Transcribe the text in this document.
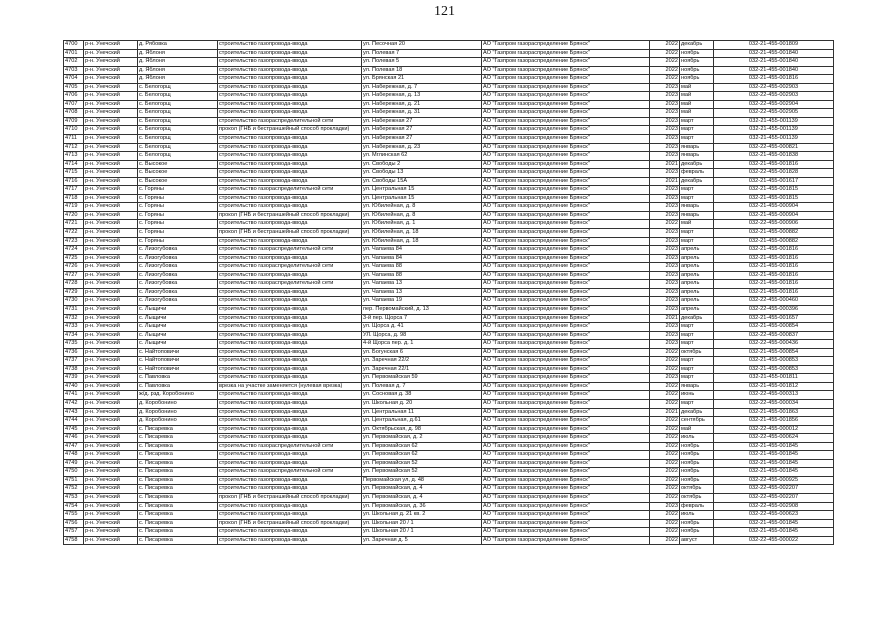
121
4700	р-н. Унечский	д. Рябовка	строительство газопровода-ввода	ул. Песочная 20	АО "Газпром газораспределение Брянск"	2022	декабрь	032-21-455-001809
4701	р-н. Унечский	д. Яблоня	строительство газопровода-ввода	ул. Полевая 7	АО "Газпром газораспределение Брянск"	2022	ноябрь	032-21-455-001840
4702	р-н. Унечский	д. Яблоня	строительство газопровода-ввода	ул. Полевая 5	АО "Газпром газораспределение Брянск"	2022	ноябрь	032-21-455-001840
4703	р-н. Унечский	д. Яблоня	строительство газопровода-ввода	ул. Полевая 18	АО "Газпром газораспределение Брянск"	2022	ноябрь	032-21-455-001840
4704	р-н. Унечский	д. Яблоня	строительство газопровода-ввода	ул. Брянская 21	АО "Газпром газораспределение Брянск"	2022	ноябрь	032-21-455-001816
4705	р-н. Унечский	с. Белогорщ	строительство газопровода-ввода	ул. Набережная, д. 7	АО "Газпром газораспределение Брянск"	2023	май	032-22-455-002903
4706	р-н. Унечский	с. Белогорщ	строительство газопровода-ввода	ул. Набережная, д. 13	АО "Газпром газораспределение Брянск"	2023	май	032-22-455-002903
4707	р-н. Унечский	с. Белогорщ	строительство газопровода-ввода	ул. Набережная, д. 21	АО "Газпром газораспределение Брянск"	2023	май	032-22-455-002904
4708	р-н. Унечский	с. Белогорщ	строительство газопровода-ввода	ул. Набережная, д. 31	АО "Газпром газораспределение Брянск"	2023	май	032-22-455-002905
4709	р-н. Унечский	с. Белогорщ	строительство газораспределительной сети	ул. Набережная 27	АО "Газпром газораспределение Брянск"	2023	март	032-21-455-001139
4710	р-н. Унечский	с. Белогорщ	прокол (ГНБ и бестраншейный способ прокладки)	ул. Набережная 27	АО "Газпром газораспределение Брянск"	2023	март	032-21-455-001139
4711	р-н. Унечский	с. Белогорщ	строительство газопровода-ввода	ул. Набережная 27	АО "Газпром газораспределение Брянск"	2023	март	032-21-455-001139
4712	р-н. Унечский	с. Белогорщ	строительство газопровода-ввода	ул. Набережная, д. 23	АО "Газпром газораспределение Брянск"	2023	январь	032-22-455-000821
4713	р-н. Унечский	с. Белогорщ	строительство газопровода-ввода	ул. Мглинская 62	АО "Газпром газораспределение Брянск"	2023	январь	032-21-455-001838
4714	р-н. Унечский	с. Высокое	строительство газопровода-ввода	ул. Свободы 2	АО "Газпром газораспределение Брянск"	2021	декабрь	032-21-455-001816
4715	р-н. Унечский	с. Высокое	строительство газопровода-ввода	ул. Свободы 13	АО "Газпром газораспределение Брянск"	2023	февраль	032-22-455-001828
4716	р-н. Унечский	с. Высокое	строительство газопровода-ввода	ул. Свободы 15А	АО "Газпром газораспределение Брянск"	2021	декабрь	032-21-455-001617
4717	р-н. Унечский	с. Горяны	строительство газораспределительной сети	ул. Центральная 15	АО "Газпром газораспределение Брянск"	2023	март	032-21-455-001815
4718	р-н. Унечский	с. Горяны	строительство газопровода-ввода	ул. Центральная 15	АО "Газпром газораспределение Брянск"	2023	март	032-21-455-001815
4719	р-н. Унечский	с. Горяны	строительство газопровода-ввода	ул. Юбилейная, д. 8	АО "Газпром газораспределение Брянск"	2023	январь	032-21-455-000904
4720	р-н. Унечский	с. Горяны	прокол (ГНБ и бестраншейный способ прокладки)	ул. Юбилейная, д. 8	АО "Газпром газораспределение Брянск"	2023	январь	032-21-455-000904
4721	р-н. Унечский	с. Горяны	строительство газопровода-ввода	ул. Юбилейная, д. 1	АО "Газпром газораспределение Брянск"	2022	май	032-22-455-000906
4722	р-н. Унечский	с. Горяны	прокол (ГНБ и бестраншейный способ прокладки)	ул. Юбилейная, д. 18	АО "Газпром газораспределение Брянск"	2023	март	032-21-455-000882
4723	р-н. Унечский	с. Горяны	строительство газопровода-ввода	ул. Юбилейная, д. 18	АО "Газпром газораспределение Брянск"	2023	март	032-21-455-000882
4724	р-н. Унечский	с. Лизогубовка	строительство газораспределительной сети	ул. Чапаева 84	АО "Газпром газораспределение Брянск"	2023	апрель	032-21-455-001816
4725	р-н. Унечский	с. Лизогубовка	строительство газопровода-ввода	ул. Чапаева 84	АО "Газпром газораспределение Брянск"	2023	апрель	032-21-455-001816
4726	р-н. Унечский	с. Лизогубовка	строительство газораспределительной сети	ул. Чапаева 88	АО "Газпром газораспределение Брянск"	2023	апрель	032-21-455-001816
4727	р-н. Унечский	с. Лизогубовка	строительство газопровода-ввода	ул. Чапаева 88	АО "Газпром газораспределение Брянск"	2023	апрель	032-21-455-001816
4728	р-н. Унечский	с. Лизогубовка	строительство газораспределительной сети	ул. Чапаева 13	АО "Газпром газораспределение Брянск"	2023	апрель	032-21-455-001816
4729	р-н. Унечский	с. Лизогубовка	строительство газопровода-ввода	ул. Чапаева 13	АО "Газпром газораспределение Брянск"	2023	апрель	032-21-455-001816
4730	р-н. Унечский	с. Лизогубовка	строительство газопровода-ввода	ул. Чапаева 19	АО "Газпром газораспределение Брянск"	2023	апрель	032-22-455-000460
4731	р-н. Унечский	с. Лыщичи	строительство газопровода-ввода	пер. Первомайский, д. 13	АО "Газпром газораспределение Брянск"	2023	апрель	032-22-455-000396
4732	р-н. Унечский	с. Лыщичи	строительство газопровода-ввода	3-й пер. Щорса 7	АО "Газпром газораспределение Брянск"	2021	декабрь	032-21-455-001657
4733	р-н. Унечский	с. Лыщичи	строительство газопровода-ввода	ул. Щорса д. 41	АО "Газпром газораспределение Брянск"	2023	март	032-21-455-000854
4734	р-н. Унечский	с. Лыщичи	строительство газопровода-ввода	УЛ. Щорса, д. 98	АО "Газпром газораспределение Брянск"	2023	март	032-22-455-000837
4735	р-н. Унечский	с. Лыщичи	строительство газопровода-ввода	4-й Щорса пер. д. 1	АО "Газпром газораспределение Брянск"	2023	март	032-22-455-000436
4736	р-н. Унечский	с. Найтоповичи	строительство газопровода-ввода	ул. Богунская 6	АО "Газпром газораспределение Брянск"	2022	октябрь	032-21-455-000854
4737	р-н. Унечский	с. Найтоповичи	строительство газопровода-ввода	ул. Заречная 22/2	АО "Газпром газораспределение Брянск"	2022	март	032-21-455-000853
4738	р-н. Унечский	с. Найтоповичи	строительство газопровода-ввода	ул. Заречная 22/1	АО "Газпром газораспределение Брянск"	2022	март	032-21-455-000853
4739	р-н. Унечский	с. Павловка	строительство газопровода-ввода	ул. Первомайская 59	АО "Газпром газораспределение Брянск"	2023	март	032-21-455-001811
4740	р-н. Унечский	с. Павловка	врезка на участке заменяется (нулевая врезка)	ул. Полевая д. 7	АО "Газпром газораспределение Брянск"	2022	январь	032-21-455-001812
4741	р-н. Унечский	ж/д. рзд. Коробонино	строительство газопровода-ввода	ул. Сосновая д. 38	АО "Газпром газораспределение Брянск"	2022	июнь	032-22-455-000313
4742	р-н. Унечский	д. Коробонино	строительство газопровода-ввода	ул. Школьная д. 20	АО "Газпром газораспределение Брянск"	2022	март	032-22-455-000034
4743	р-н. Унечский	д. Коробонино	строительство газопровода-ввода	ул. Центральная 11	АО "Газпром газораспределение Брянск"	2021	декабрь	032-21-455-001863
4744	р-н. Унечский	д. Коробонино	строительство газопровода-ввода	ул. Центральная, д.61	АО "Газпром газораспределение Брянск"	2022	сентябрь	032-21-455-001856
4745	р-н. Унечский	с. Писаревка	строительство газопровода-ввода	ул. Октябрьская, д. 98	АО "Газпром газораспределение Брянск"	2022	май	032-22-455-000012
4746	р-н. Унечский	с. Писаревка	строительство газопровода-ввода	ул. Первомайская, д. 2	АО "Газпром газораспределение Брянск"	2022	июль	032-22-455-000624
4747	р-н. Унечский	с. Писаревка	строительство газораспределительной сети	ул. Первомайская 62	АО "Газпром газораспределение Брянск"	2022	ноябрь	032-21-455-001845
4748	р-н. Унечский	с. Писаревка	строительство газопровода-ввода	ул. Первомайская 62	АО "Газпром газораспределение Брянск"	2022	ноябрь	032-21-455-001845
4749	р-н. Унечский	с. Писаревка	строительство газопровода-ввода	ул. Первомайская 52	АО "Газпром газораспределение Брянск"	2022	ноябрь	032-21-455-001845
4750	р-н. Унечский	с. Писаревка	строительство газораспределительной сети	ул. Первомайская 52	АО "Газпром газораспределение Брянск"	2022	ноябрь	032-21-455-001845
4751	р-н. Унечский	с. Писаревка	строительство газопровода-ввода	Первомайская ул, д. 48	АО "Газпром газораспределение Брянск"	2022	ноябрь	032-22-455-000925
4752	р-н. Унечский	с. Писаревка	строительство газопровода-ввода	ул. Первомайская, д. 4	АО "Газпром газораспределение Брянск"	2022	октябрь	032-22-455-002207
4753	р-н. Унечский	с. Писаревка	прокол (ГНБ и бестраншейный способ прокладки)	ул. Первомайская, д. 4	АО "Газпром газораспределение Брянск"	2022	октябрь	032-22-455-002207
4754	р-н. Унечский	с. Писаревка	строительство газопровода-ввода	ул. Первомайская, д. 36	АО "Газпром газораспределение Брянск"	2023	февраль	032-22-455-002908
4755	р-н. Унечский	с. Писаревка	строительство газопровода-ввода	ул. Школьная д. 21 кв. 2	АО "Газпром газораспределение Брянск"	2022	июль	032-22-455-000623
4756	р-н. Унечский	с. Писаревка	прокол (ГНБ и бестраншейный способ прокладки)	ул. Школьная 20 / 1	АО "Газпром газораспределение Брянск"	2022	ноябрь	032-21-455-001845
4757	р-н. Унечский	с. Писаревка	строительство газопровода-ввода	ул. Школьная 20 / 1	АО "Газпром газораспределение Брянск"	2022	ноябрь	032-21-455-001845
4758	р-н. Унечский	с. Писаревка	строительство газопровода-ввода	ул. Заречная д. 5	АО "Газпром газораспределение Брянск"	2022	август	032-22-455-000022
